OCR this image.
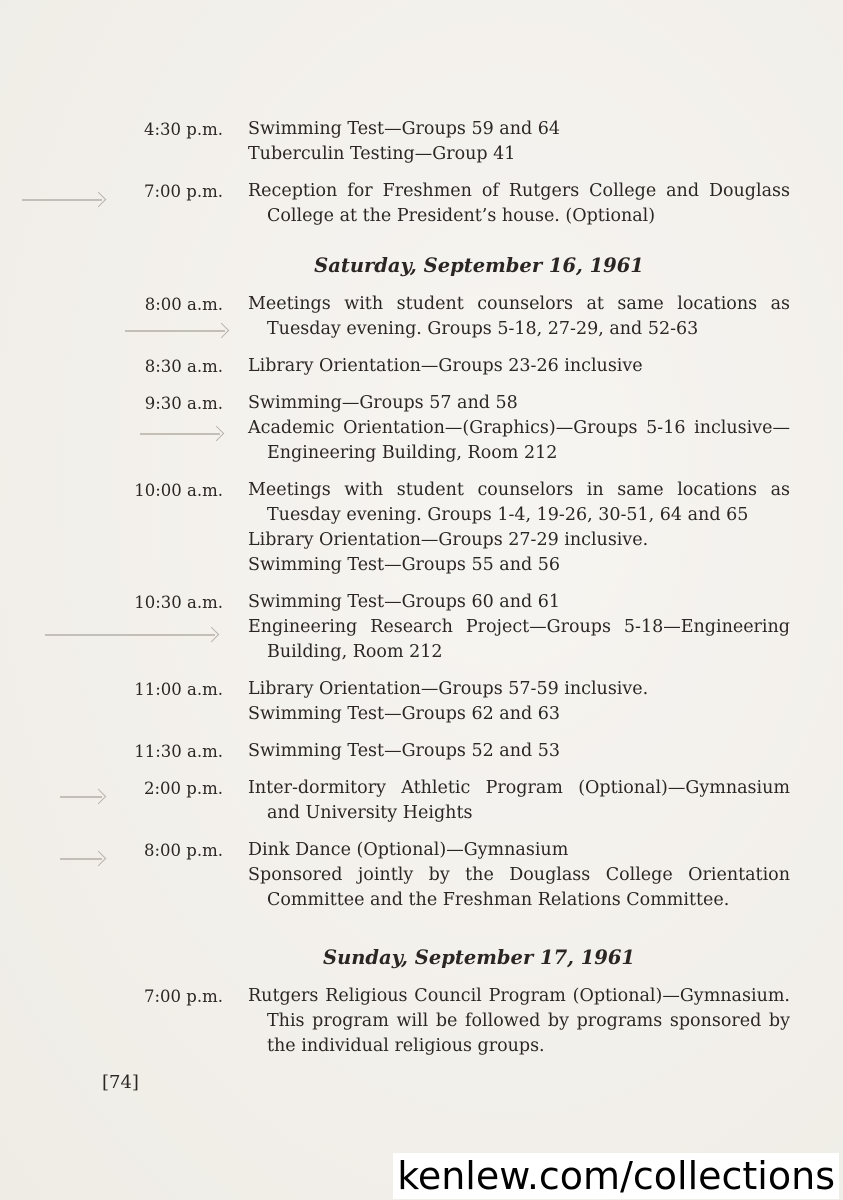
4:30 p.m. Swimming Test—Groups 59 and 64
Tuberculin Testing—Group 41
7:00 p.m. Reception for Freshmen of Rutgers College and Douglass College at the President’s house. (Optional)
Saturday, September 16, 1961
8:00 a.m. Meetings with student counselors at same locations as Tuesday evening. Groups 5-18, 27-29, and 52-63
8:30 a.m. Library Orientation—Groups 23-26 inclusive
9:30 a.m. Swimming—Groups 57 and 58
Academic Orientation—(Graphics)—Groups 5-16 inclusive—Engineering Building, Room 212
10:00 a.m. Meetings with student counselors in same locations as Tuesday evening. Groups 1-4, 19-26, 30-51, 64 and 65
Library Orientation—Groups 27-29 inclusive.
Swimming Test—Groups 55 and 56
10:30 a.m. Swimming Test—Groups 60 and 61
Engineering Research Project—Groups 5-18—Engineering Building, Room 212
11:00 a.m. Library Orientation—Groups 57-59 inclusive.
Swimming Test—Groups 62 and 63
11:30 a.m. Swimming Test—Groups 52 and 53
2:00 p.m. Inter-dormitory Athletic Program (Optional)—Gymnasium and University Heights
8:00 p.m. Dink Dance (Optional)—Gymnasium
Sponsored jointly by the Douglass College Orientation Committee and the Freshman Relations Committee.
Sunday, September 17, 1961
7:00 p.m. Rutgers Religious Council Program (Optional)—Gymnasium. This program will be followed by programs sponsored by the individual religious groups.
[74]
kenlew.com/collections
